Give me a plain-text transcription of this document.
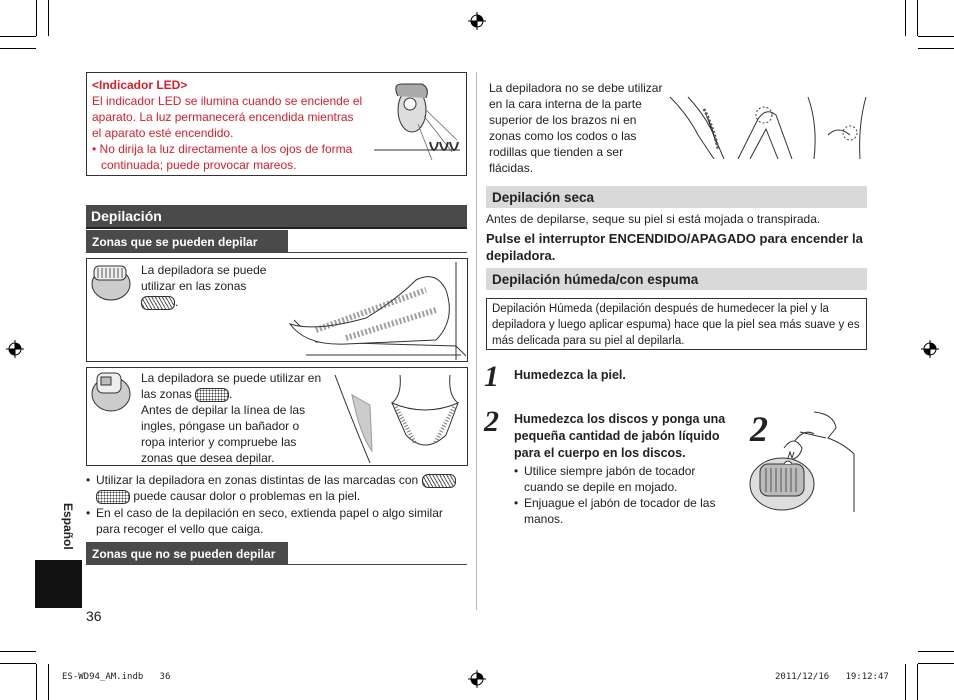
Español
36
<Indicador LED>
El indicador LED se ilumina cuando se enciende el aparato. La luz permanecerá encendida mientras el aparato esté encendido.
• No dirija la luz directamente a los ojos de forma continuada; puede provocar mareos.
Depilación
Zonas que se pueden depilar
La depiladora se puede utilizar en las zonas
.
La depiladora se puede utilizar en las zonas	.
Antes de depilar la línea de las ingles, póngase un bañador o ropa interior y compruebe las zonas que desea depilar.
• Utilizar la depiladora en zonas distintas de las marcadas con   puede causar dolor o problemas en la piel.
• En el caso de la depilación en seco, extienda papel o algo similar para recoger el vello que caiga.
Zonas que no se pueden depilar
La depiladora no se debe utilizar en la cara interna de la parte superior de los brazos ni en zonas como los codos o las rodillas que tienden a ser flácidas.
Depilación seca
Antes de depilarse, seque su piel si está mojada o transpirada.
Pulse el interruptor ENCENDIDO/APAGADO para encender la depiladora.
Depilación húmeda/con espuma
Depilación Húmeda (depilación después de humedecer la piel y la depiladora y luego aplicar espuma) hace que la piel sea más suave y es más delicada para su piel al depilarla.
1 Humedezca la piel.
2 Humedezca los discos y ponga una pequeña cantidad de jabón líquido para el cuerpo en los discos.
• Utilice siempre jabón de tocador cuando se depile en mojado.
• Enjuague el jabón de tocador de las manos.
2
ES-WD94_AM.indb   36	2011/12/16   19:12:47
